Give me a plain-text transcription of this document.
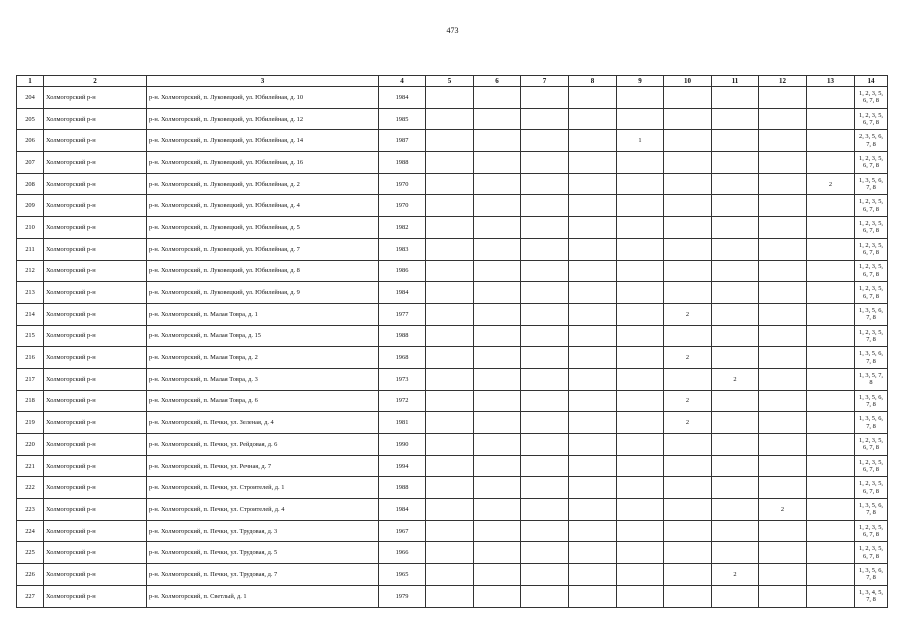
473
1	2	3	4	5	6	7	8	9	10	11	12	13	14
204	Холмогорский р-н	р-н. Холмогорский, п. Луковецкий, ул. Юбилейная, д. 10	1984										1, 2, 3, 5, 6, 7, 8
205	Холмогорский р-н	р-н. Холмогорский, п. Луковецкий, ул. Юбилейная, д. 12	1985										1, 2, 3, 5, 6, 7, 8
206	Холмогорский р-н	р-н. Холмогорский, п. Луковецкий, ул. Юбилейная, д. 14	1987					1					2, 3, 5, 6, 7, 8
207	Холмогорский р-н	р-н. Холмогорский, п. Луковецкий, ул. Юбилейная, д. 16	1988										1, 2, 3, 5, 6, 7, 8
208	Холмогорский р-н	р-н. Холмогорский, п. Луковецкий, ул. Юбилейная, д. 2	1970									2	1, 3, 5, 6, 7, 8
209	Холмогорский р-н	р-н. Холмогорский, п. Луковецкий, ул. Юбилейная, д. 4	1970										1, 2, 3, 5, 6, 7, 8
210	Холмогорский р-н	р-н. Холмогорский, п. Луковецкий, ул. Юбилейная, д. 5	1982										1, 2, 3, 5, 6, 7, 8
211	Холмогорский р-н	р-н. Холмогорский, п. Луковецкий, ул. Юбилейная, д. 7	1983										1, 2, 3, 5, 6, 7, 8
212	Холмогорский р-н	р-н. Холмогорский, п. Луковецкий, ул. Юбилейная, д. 8	1986										1, 2, 3, 5, 6, 7, 8
213	Холмогорский р-н	р-н. Холмогорский, п. Луковецкий, ул. Юбилейная, д. 9	1984										1, 2, 3, 5, 6, 7, 8
214	Холмогорский р-н	р-н. Холмогорский, п. Малая Товра, д. 1	1977						2				1, 3, 5, 6, 7, 8
215	Холмогорский р-н	р-н. Холмогорский, п. Малая Товра, д. 15	1988										1, 2, 3, 5, 7, 8
216	Холмогорский р-н	р-н. Холмогорский, п. Малая Товра, д. 2	1968						2				1, 3, 5, 6, 7, 8
217	Холмогорский р-н	р-н. Холмогорский, п. Малая Товра, д. 3	1973							2			1, 3, 5, 7, 8
218	Холмогорский р-н	р-н. Холмогорский, п. Малая Товра, д. 6	1972						2				1, 3, 5, 6, 7, 8
219	Холмогорский р-н	р-н. Холмогорский, п. Печки, ул. Зеленая, д. 4	1981						2				1, 3, 5, 6, 7, 8
220	Холмогорский р-н	р-н. Холмогорский, п. Печки, ул. Рейдовая, д. 6	1990										1, 2, 3, 5, 6, 7, 8
221	Холмогорский р-н	р-н. Холмогорский, п. Печки, ул. Речная, д. 7	1994										1, 2, 3, 5, 6, 7, 8
222	Холмогорский р-н	р-н. Холмогорский, п. Печки, ул. Строителей, д. 1	1988										1, 2, 3, 5, 6, 7, 8
223	Холмогорский р-н	р-н. Холмогорский, п. Печки, ул. Строителей, д. 4	1984								2		1, 3, 5, 6, 7, 8
224	Холмогорский р-н	р-н. Холмогорский, п. Печки, ул. Трудовая, д. 3	1967										1, 2, 3, 5, 6, 7, 8
225	Холмогорский р-н	р-н. Холмогорский, п. Печки, ул. Трудовая, д. 5	1966										1, 2, 3, 5, 6, 7, 8
226	Холмогорский р-н	р-н. Холмогорский, п. Печки, ул. Трудовая, д. 7	1965							2			1, 3, 5, 6, 7, 8
227	Холмогорский р-н	р-н. Холмогорский, п. Светлый, д. 1	1979										1, 3, 4, 5, 7, 8
